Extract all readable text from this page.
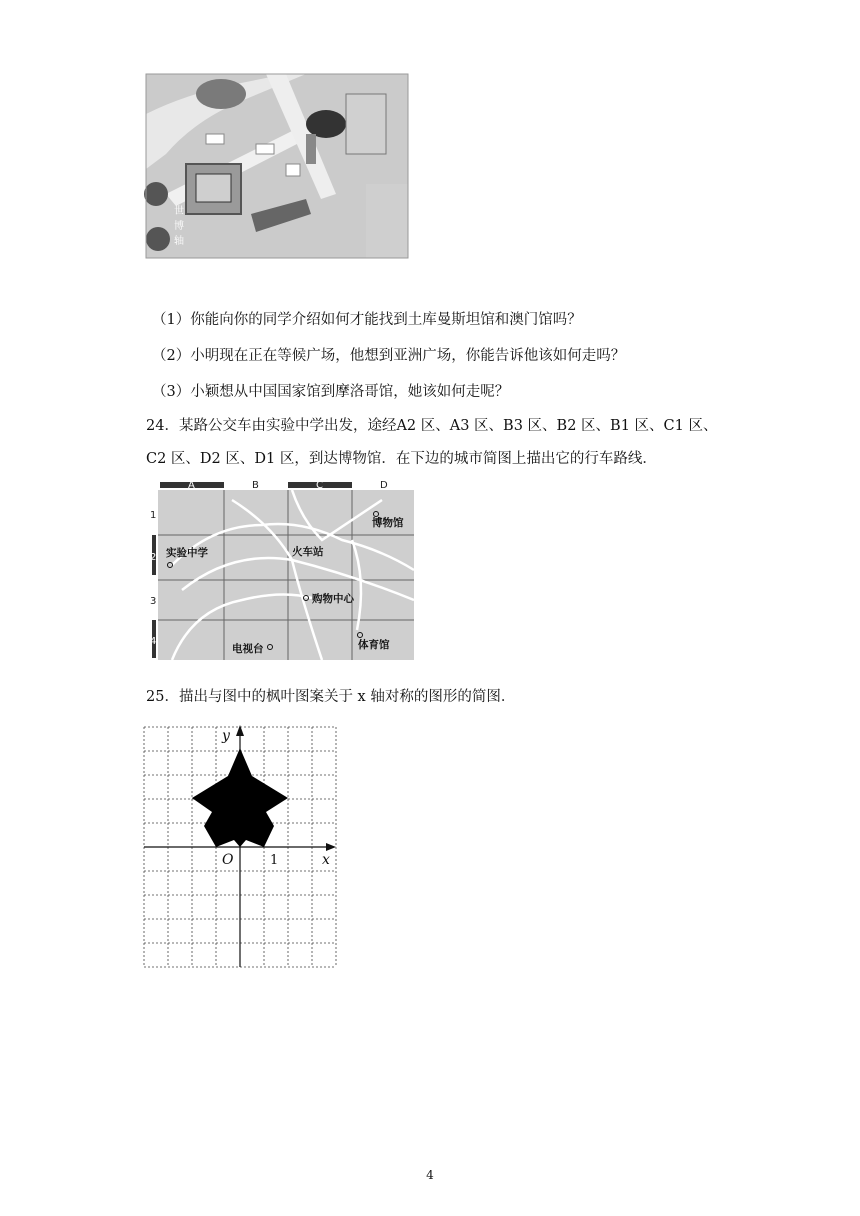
世
博
轴
（1）你能向你的同学介绍如何才能找到土库曼斯坦馆和澳门馆吗？
（2）小明现在正在等候广场，他想到亚洲广场，你能告诉他该如何走吗？
（3）小颖想从中国国家馆到摩洛哥馆，她该如何走呢？
24．某路公交车由实验中学出发，途经A2 区、A3 区、B3 区、B2 区、B1 区、C1 区、
C2 区、D2 区、D1 区，到达博物馆．在下边的城市简图上描出它的行车路线．
A	B	C	D
1
2
3
4
博物馆
实验中学	火车站
购物中心
体育馆
电视台
25．描出与图中的枫叶图案关于 x 轴对称的图形的简图．
y
x
O	1
4
